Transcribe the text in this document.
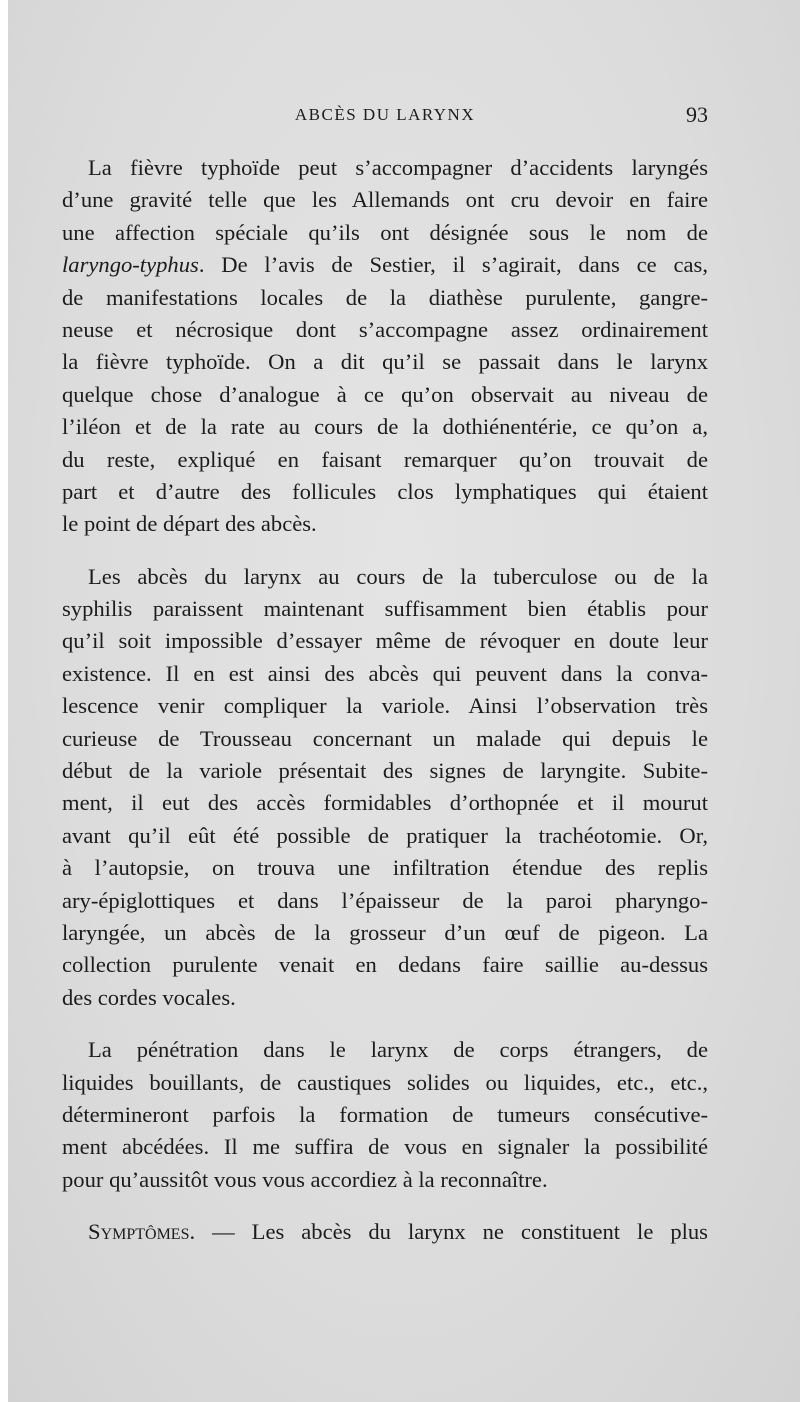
ABCÈS DU LARYNX	93
La fièvre typhoïde peut s’accompagner d’accidents laryngés
d’une gravité telle que les Allemands ont cru devoir en faire
une affection spéciale qu’ils ont désignée sous le nom de
laryngo-typhus. De l’avis de Sestier, il s’agirait, dans ce cas,
de manifestations locales de la diathèse purulente, gangre-
neuse et nécrosique dont s’accompagne assez ordinairement
la fièvre typhoïde. On a dit qu’il se passait dans le larynx
quelque chose d’analogue à ce qu’on observait au niveau de
l’iléon et de la rate au cours de la dothiénentérie, ce qu’on a,
du reste, expliqué en faisant remarquer qu’on trouvait de
part et d’autre des follicules clos lymphatiques qui étaient
le point de départ des abcès.
Les abcès du larynx au cours de la tuberculose ou de la
syphilis paraissent maintenant suffisamment bien établis pour
qu’il soit impossible d’essayer même de révoquer en doute leur
existence. Il en est ainsi des abcès qui peuvent dans la conva-
lescence venir compliquer la variole. Ainsi l’observation très
curieuse de Trousseau concernant un malade qui depuis le
début de la variole présentait des signes de laryngite. Subite-
ment, il eut des accès formidables d’orthopnée et il mourut
avant qu’il eût été possible de pratiquer la trachéotomie. Or,
à l’autopsie, on trouva une infiltration étendue des replis
ary-épiglottiques et dans l’épaisseur de la paroi pharyngo-
laryngée, un abcès de la grosseur d’un œuf de pigeon. La
collection purulente venait en dedans faire saillie au-dessus
des cordes vocales.
La pénétration dans le larynx de corps étrangers, de
liquides bouillants, de caustiques solides ou liquides, etc., etc.,
détermineront parfois la formation de tumeurs consécutive-
ment abcédées. Il me suffira de vous en signaler la possibilité
pour qu’aussitôt vous vous accordiez à la reconnaître.
Symptômes. — Les abcès du larynx ne constituent le plus
